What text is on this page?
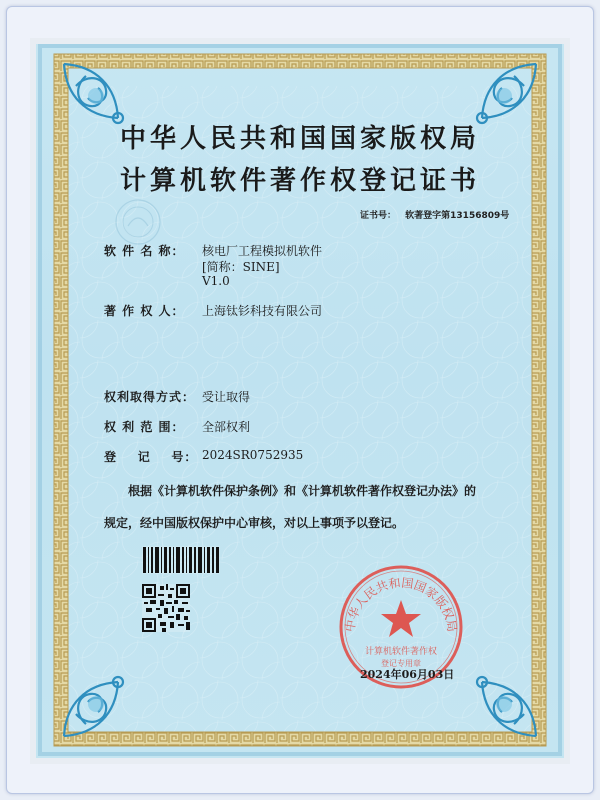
中华人民共和国国家版权局
计算机软件著作权登记证书
证书号： 软著登字第13156809号
软 件 名 称： 核电厂工程模拟机软件
[简称：SINE]
V1.0
著 作 权 人： 上海钛钐科技有限公司
权利取得方式： 受让取得
权 利 范 围： 全部权利
登    记    号： 2024SR0752935
根据《计算机软件保护条例》和《计算机软件著作权登记办法》的
规定，经中国版权保护中心审核，对以上事项予以登记。
中华人民共和国国家版权局
计算机软件著作权
登记专用章
2024年06月03日
